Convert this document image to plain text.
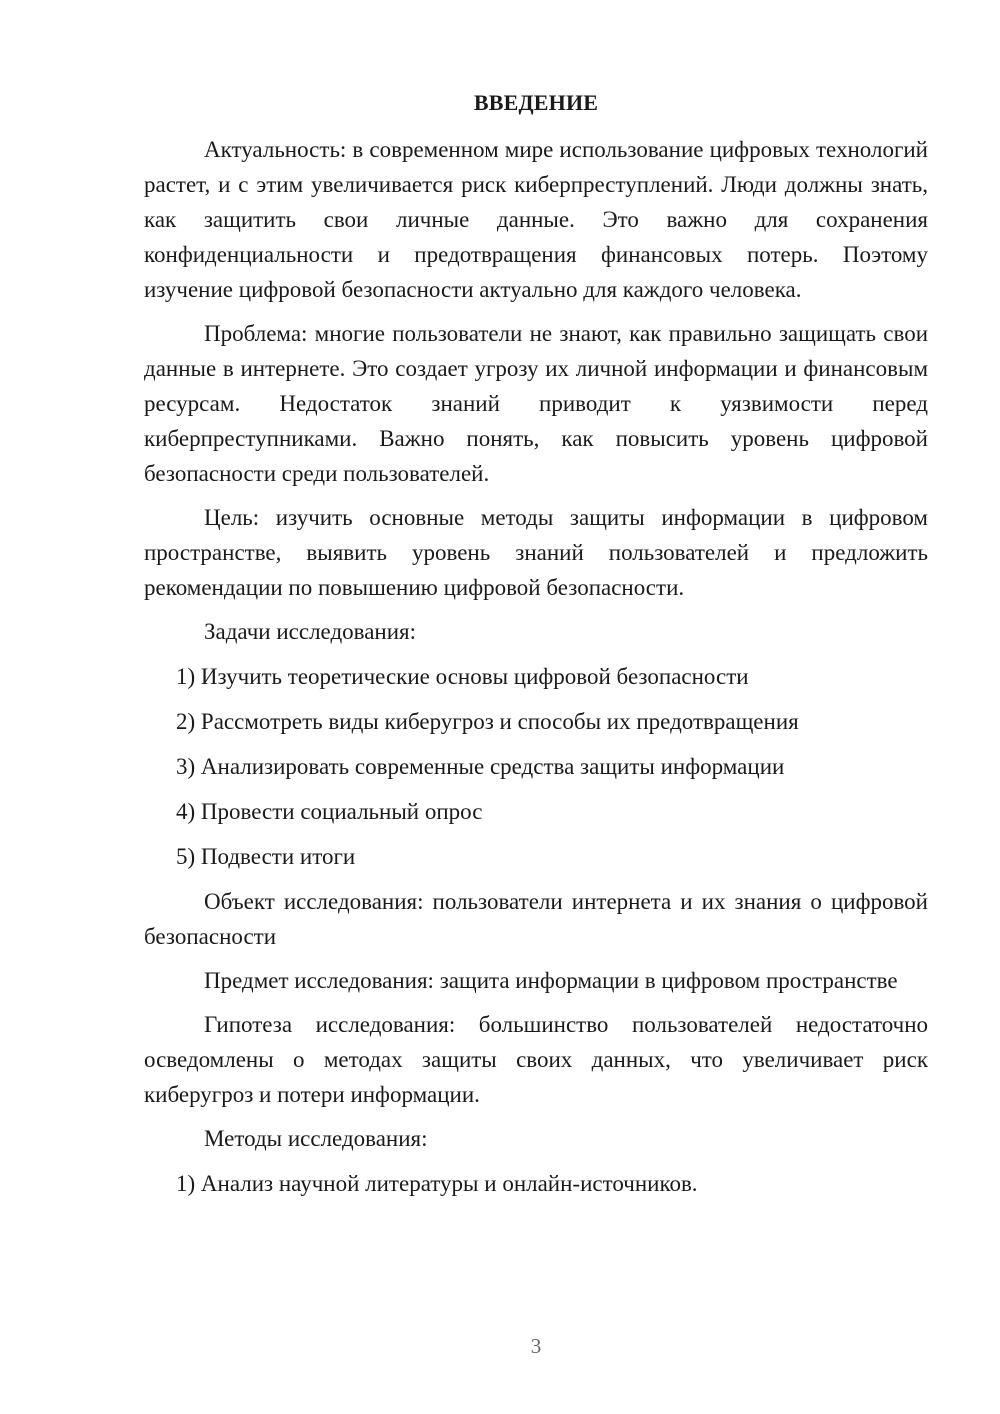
ВВЕДЕНИЕ

Актуальность: в современном мире использование цифровых технологий растет, и с этим увеличивается риск киберпреступлений. Люди должны знать, как защитить свои личные данные. Это важно для сохранения конфиденциальности и предотвращения финансовых потерь. Поэтому изучение цифровой безопасности актуально для каждого человека.

Проблема: многие пользователи не знают, как правильно защищать свои данные в интернете. Это создает угрозу их личной информации и финансовым ресурсам. Недостаток знаний приводит к уязвимости перед киберпреступниками. Важно понять, как повысить уровень цифровой безопасности среди пользователей.

Цель: изучить основные методы защиты информации в цифровом пространстве, выявить уровень знаний пользователей и предложить рекомендации по повышению цифровой безопасности.

Задачи исследования:

1) Изучить теоретические основы цифровой безопасности

2) Рассмотреть виды киберугроз и способы их предотвращения

3) Анализировать современные средства защиты информации

4) Провести социальный опрос

5) Подвести итоги

Объект исследования: пользователи интернета и их знания о цифровой безопасности

Предмет исследования: защита информации в цифровом пространстве

Гипотеза исследования: большинство пользователей недостаточно осведомлены о методах защиты своих данных, что увеличивает риск киберугроз и потери информации.

Методы исследования:

1) Анализ научной литературы и онлайн-источников.

3
